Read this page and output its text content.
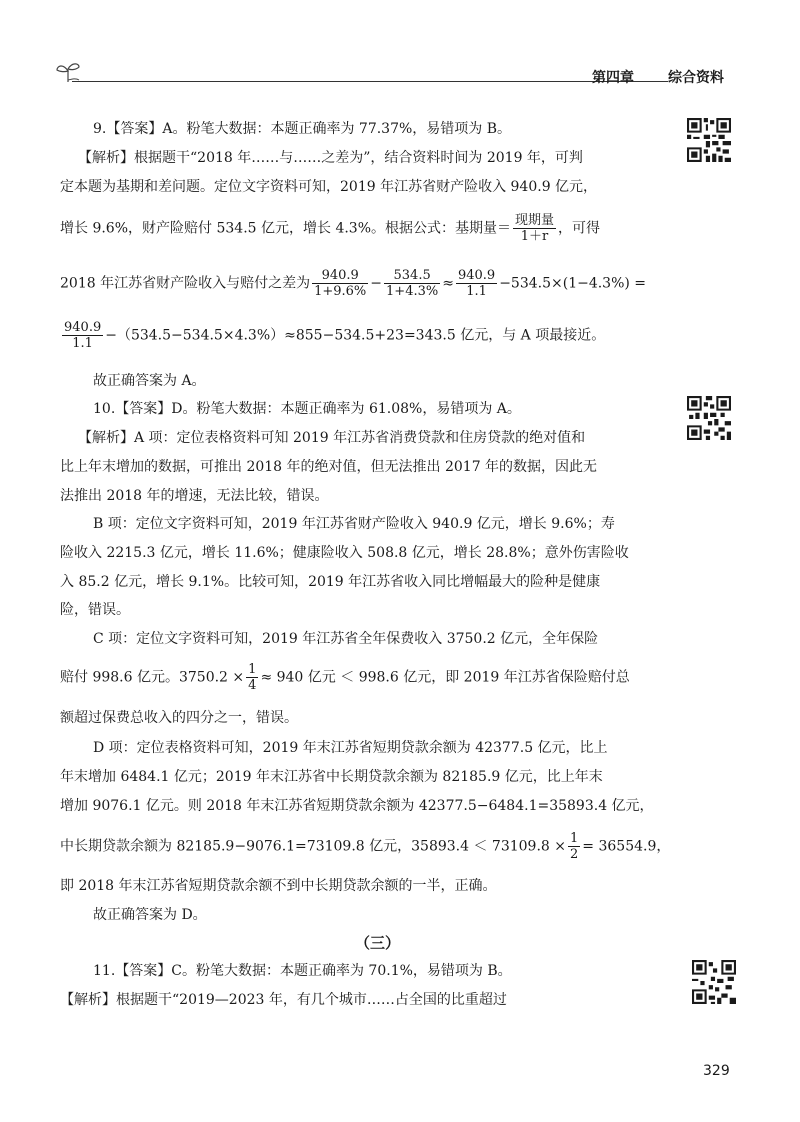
第四章 综合资料
9.【答案】A。粉笔大数据：本题正确率为 77.37%，易错项为 B。
【解析】根据题干“2018 年……与……之差为”，结合资料时间为 2019 年，可判
定本题为基期和差问题。定位文字资料可知，2019 年江苏省财产险收入 940.9 亿元，
增长 9.6%，财产险赔付 534.5 亿元，增长 4.3%。根据公式：基期量＝ $\frac{\text{现期量}}{1+r}$ ，可得
2018 年江苏省财产险收入与赔付之差为 $\frac{940.9}{1+9.6\%} - \frac{534.5}{1+4.3\%} \approx \frac{940.9}{1.1} -534.5\times(1-4.3\%)$ =
$\frac{940.9}{1.1} -(534.5-534.5\times 4.3\%)\approx 855-534.5+23=343.5$ 亿元，与 A 项最接近。
故正确答案为 A。
10.【答案】D。粉笔大数据：本题正确率为 61.08%，易错项为 A。
【解析】A 项：定位表格资料可知 2019 年江苏省消费贷款和住房贷款的绝对值和
比上年末增加的数据，可推出 2018 年的绝对值，但无法推出 2017 年的数据，因此无
法推出 2018 年的增速，无法比较，错误。
B 项：定位文字资料可知，2019 年江苏省财产险收入 940.9 亿元，增长 9.6%；寿
险收入 2215.3 亿元，增长 11.6%；健康险收入 508.8 亿元，增长 28.8%；意外伤害险收
入 85.2 亿元，增长 9.1%。比较可知，2019 年江苏省收入同比增幅最大的险种是健康
险，错误。
C 项：定位文字资料可知，2019 年江苏省全年保费收入 3750.2 亿元，全年保险
赔付 998.6 亿元。$3750.2 \times \frac{1}{4} \approx 940$ 亿元 ＜ 998.6 亿元，即 2019 年江苏省保险赔付总
额超过保费总收入的四分之一，错误。
D 项：定位表格资料可知，2019 年末江苏省短期贷款余额为 42377.5 亿元，比上
年末增加 6484.1 亿元；2019 年末江苏省中长期贷款余额为 82185.9 亿元，比上年末
增加 9076.1 亿元。则 2018 年末江苏省短期贷款余额为 42377.5−6484.1=35893.4 亿元，
中长期贷款余额为 82185.9−9076.1=73109.8 亿元，$35893.4 < 73109.8 \times \frac{1}{2} = 36554.9$，
即 2018 年末江苏省短期贷款余额不到中长期贷款余额的一半，正确。
故正确答案为 D。
（三）
11.【答案】C。粉笔大数据：本题正确率为 70.1%，易错项为 B。
【解析】根据题干“2019—2023 年，有几个城市……占全国的比重超过
329
